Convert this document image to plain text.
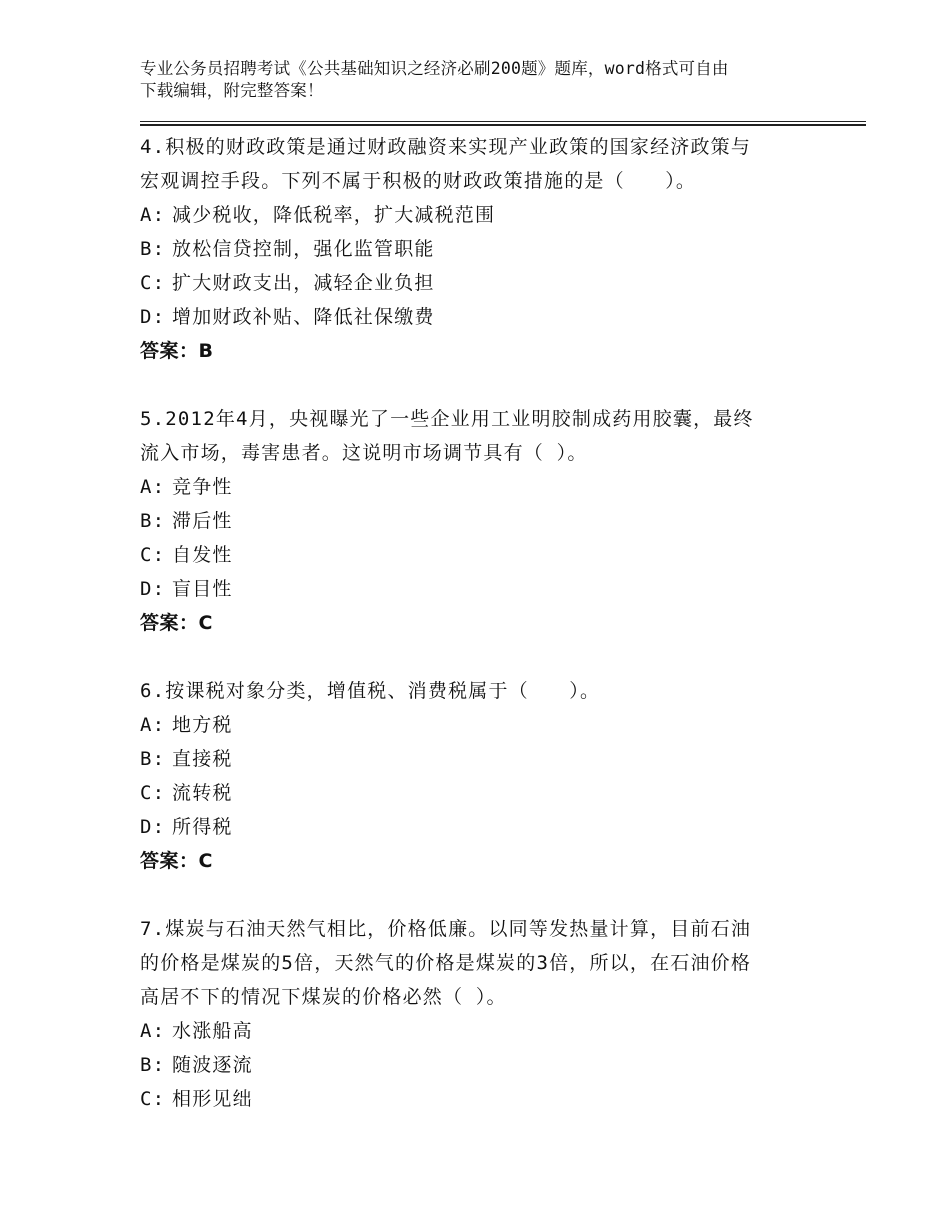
专业公务员招聘考试《公共基础知识之经济必刷200题》题库，word格式可自由
下载编辑，附完整答案！

4.积极的财政政策是通过财政融资来实现产业政策的国家经济政策与

宏观调控手段。下列不属于积极的财政政策措施的是（　　）。

A: 减少税收，降低税率，扩大减税范围

B: 放松信贷控制，强化监管职能

C: 扩大财政支出，减轻企业负担

D: 增加财政补贴、降低社保缴费

答案：B

5.2012年4月，央视曝光了一些企业用工业明胶制成药用胶囊，最终

流入市场，毒害患者。这说明市场调节具有（ ）。

A: 竞争性

B: 滞后性

C: 自发性

D: 盲目性

答案：C

6.按课税对象分类，增值税、消费税属于（　　）。

A: 地方税

B: 直接税

C: 流转税

D: 所得税

答案：C

7.煤炭与石油天然气相比，价格低廉。以同等发热量计算，目前石油

的价格是煤炭的5倍，天然气的价格是煤炭的3倍，所以，在石油价格

高居不下的情况下煤炭的价格必然（ ）。

A: 水涨船高

B: 随波逐流

C: 相形见绌
